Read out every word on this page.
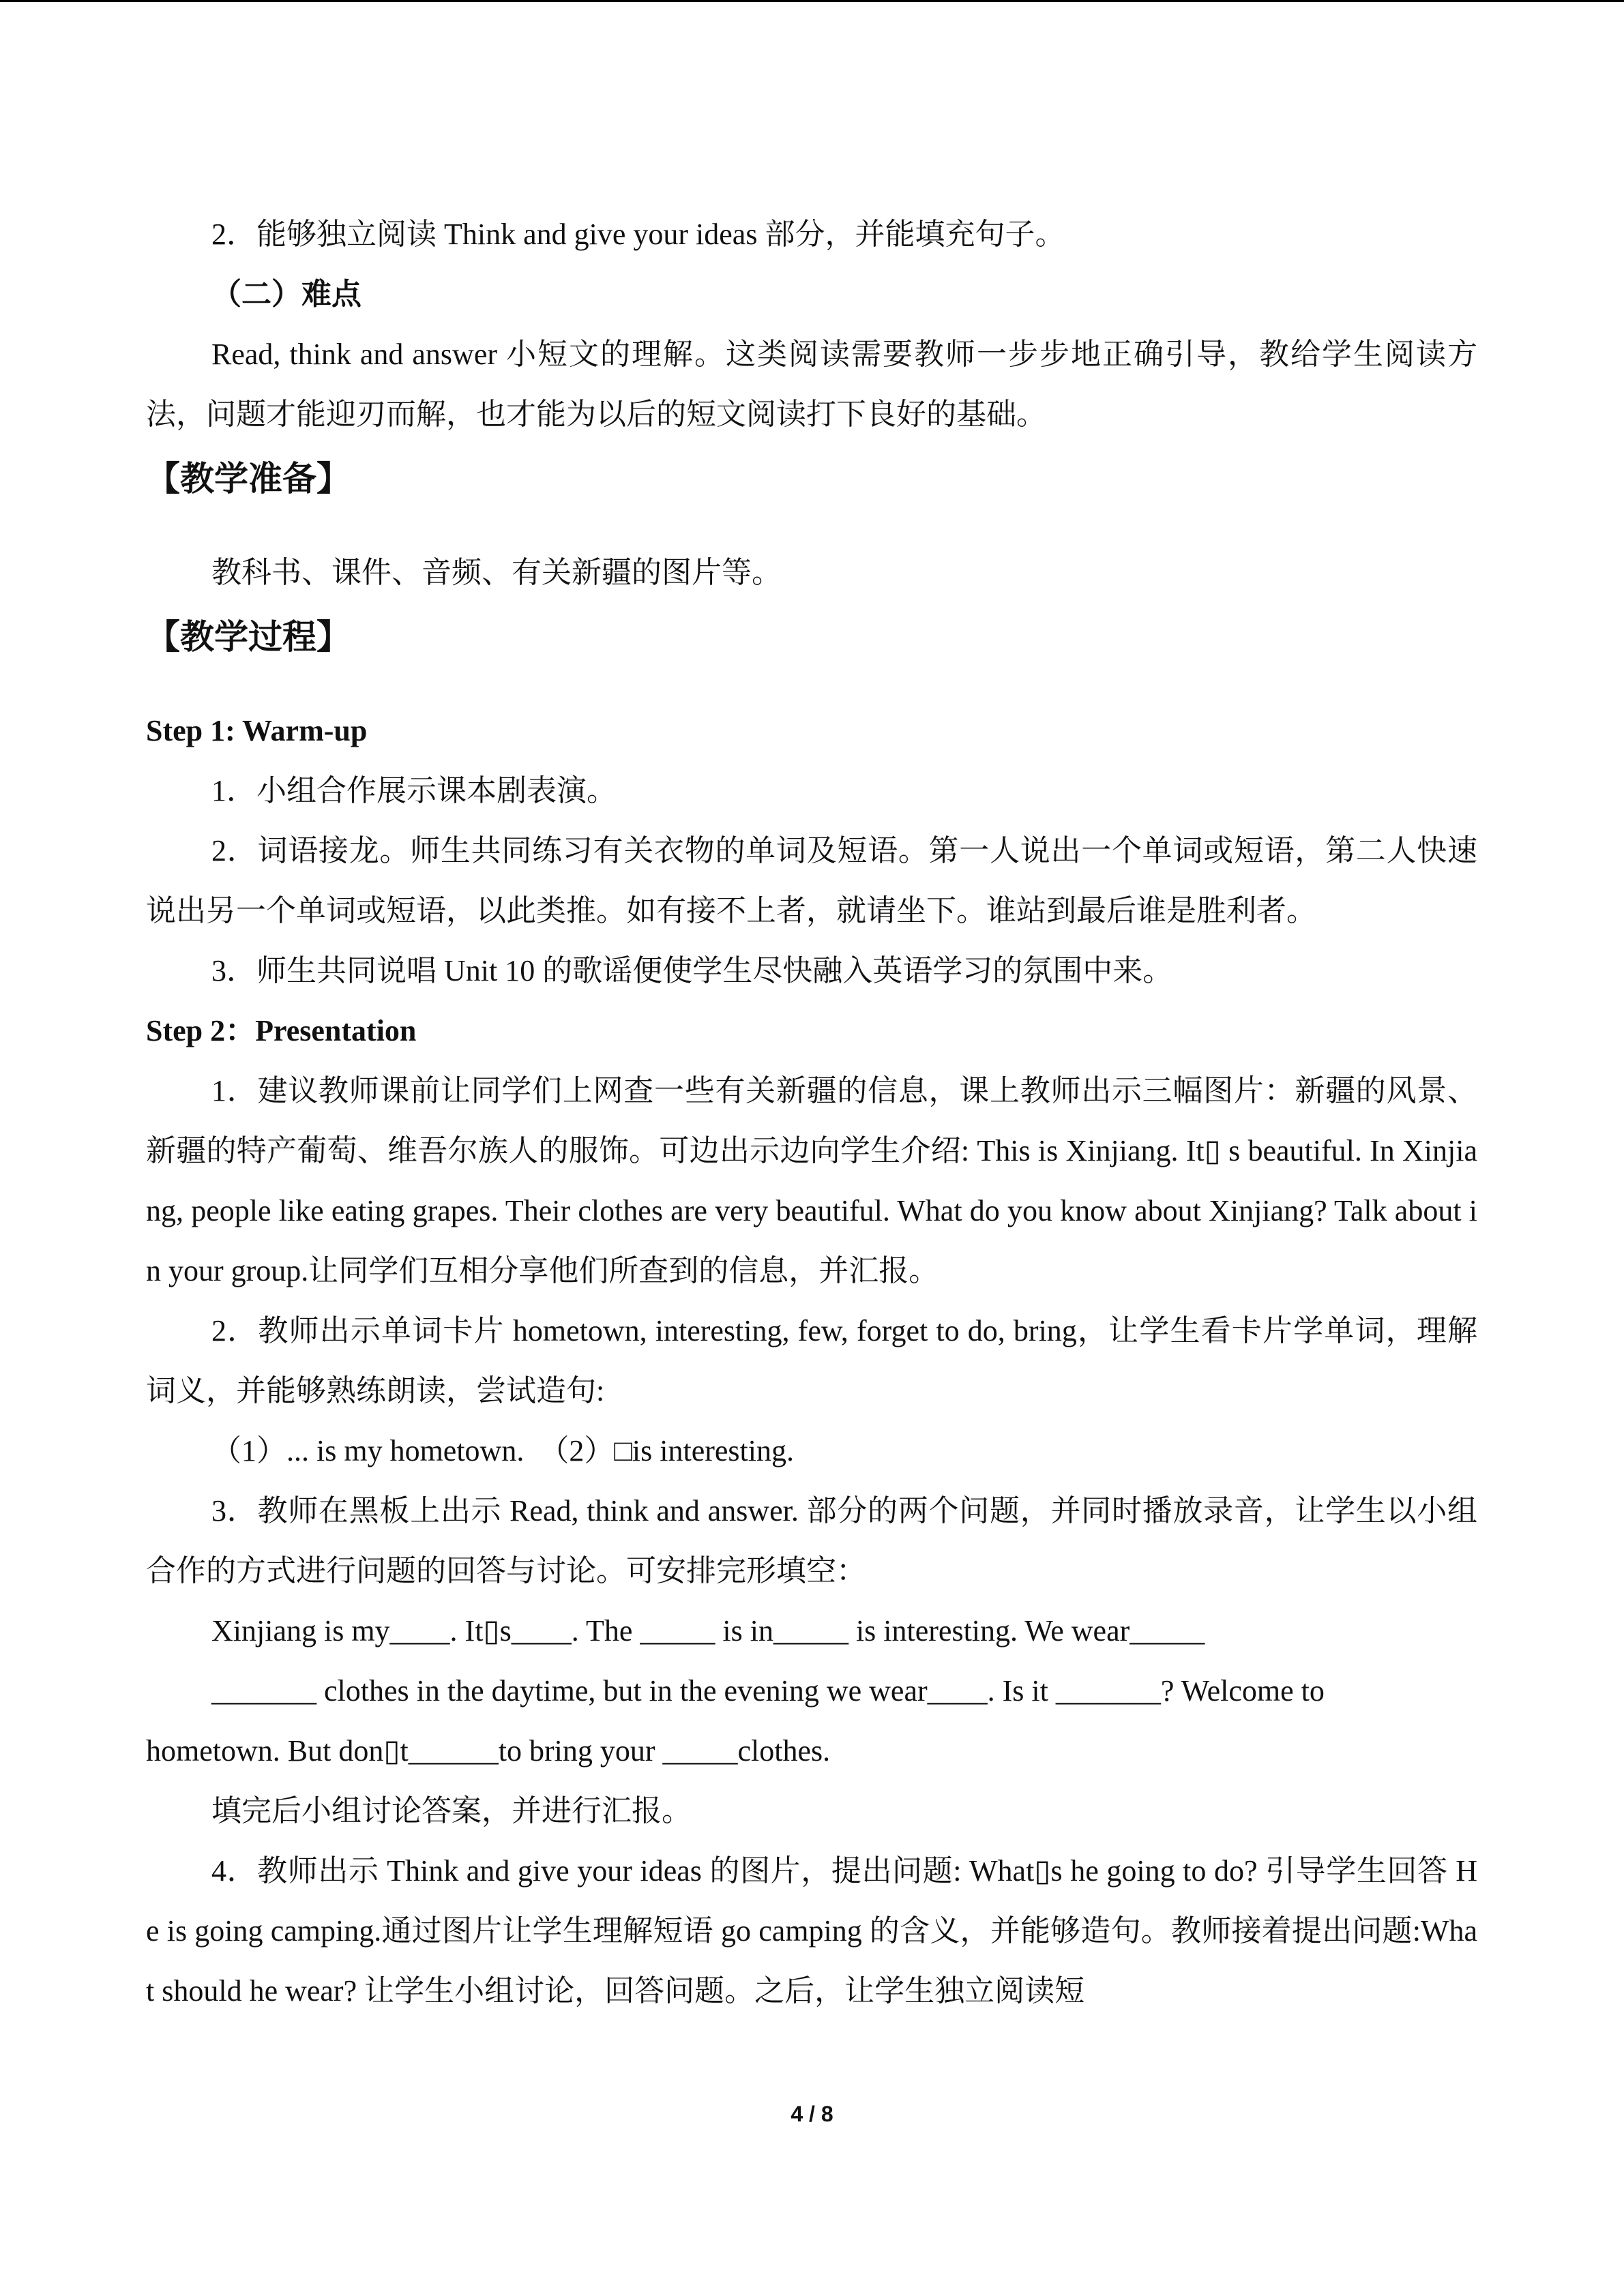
2．能够独立阅读 Think and give your ideas 部分，并能填充句子。

（二）难点

Read, think and answer 小短文的理解。这类阅读需要教师一步步地正确引导，教给学生阅读方法，问题才能迎刃而解，也才能为以后的短文阅读打下良好的基础。

【教学准备】

教科书、课件、音频、有关新疆的图片等。

【教学过程】

Step 1: Warm-up

1．小组合作展示课本剧表演。

2．词语接龙。师生共同练习有关衣物的单词及短语。第一人说出一个单词或短语，第二人快速说出另一个单词或短语，以此类推。如有接不上者，就请坐下。谁站到最后谁是胜利者。

3．师生共同说唱 Unit 10 的歌谣便使学生尽快融入英语学习的氛围中来。

Step 2：Presentation

1．建议教师课前让同学们上网查一些有关新疆的信息，课上教师出示三幅图片：新疆的风景、新疆的特产葡萄、维吾尔族人的服饰。可边出示边向学生介绍: This is Xinjiang. It▯ s beautiful. In Xinjiang, people like eating grapes. Their clothes are very beautiful. What do you know about Xinjiang? Talk about in your group.让同学们互相分享他们所查到的信息，并汇报。

2．教师出示单词卡片 hometown, interesting, few, forget to do, bring，让学生看卡片学单词，理解词义，并能够熟练朗读，尝试造句:

（1）... is my hometown.　（2）□is interesting.

3．教师在黑板上出示 Read, think and answer. 部分的两个问题，并同时播放录音，让学生以小组合作的方式进行问题的回答与讨论。可安排完形填空：

Xinjiang is my____. It▯s____. The _____ is in_____ is interesting. We wear_____

_______ clothes in the daytime, but in the evening we wear____. Is it _______? Welcome to

hometown. But don▯t______to bring your _____clothes.

填完后小组讨论答案，并进行汇报。

4．教师出示 Think and give your ideas 的图片，提出问题: What▯s he going to do? 引导学生回答 He is going camping.通过图片让学生理解短语 go camping 的含义，并能够造句。教师接着提出问题:What should he wear? 让学生小组讨论，回答问题。之后，让学生独立阅读短

4 / 8
